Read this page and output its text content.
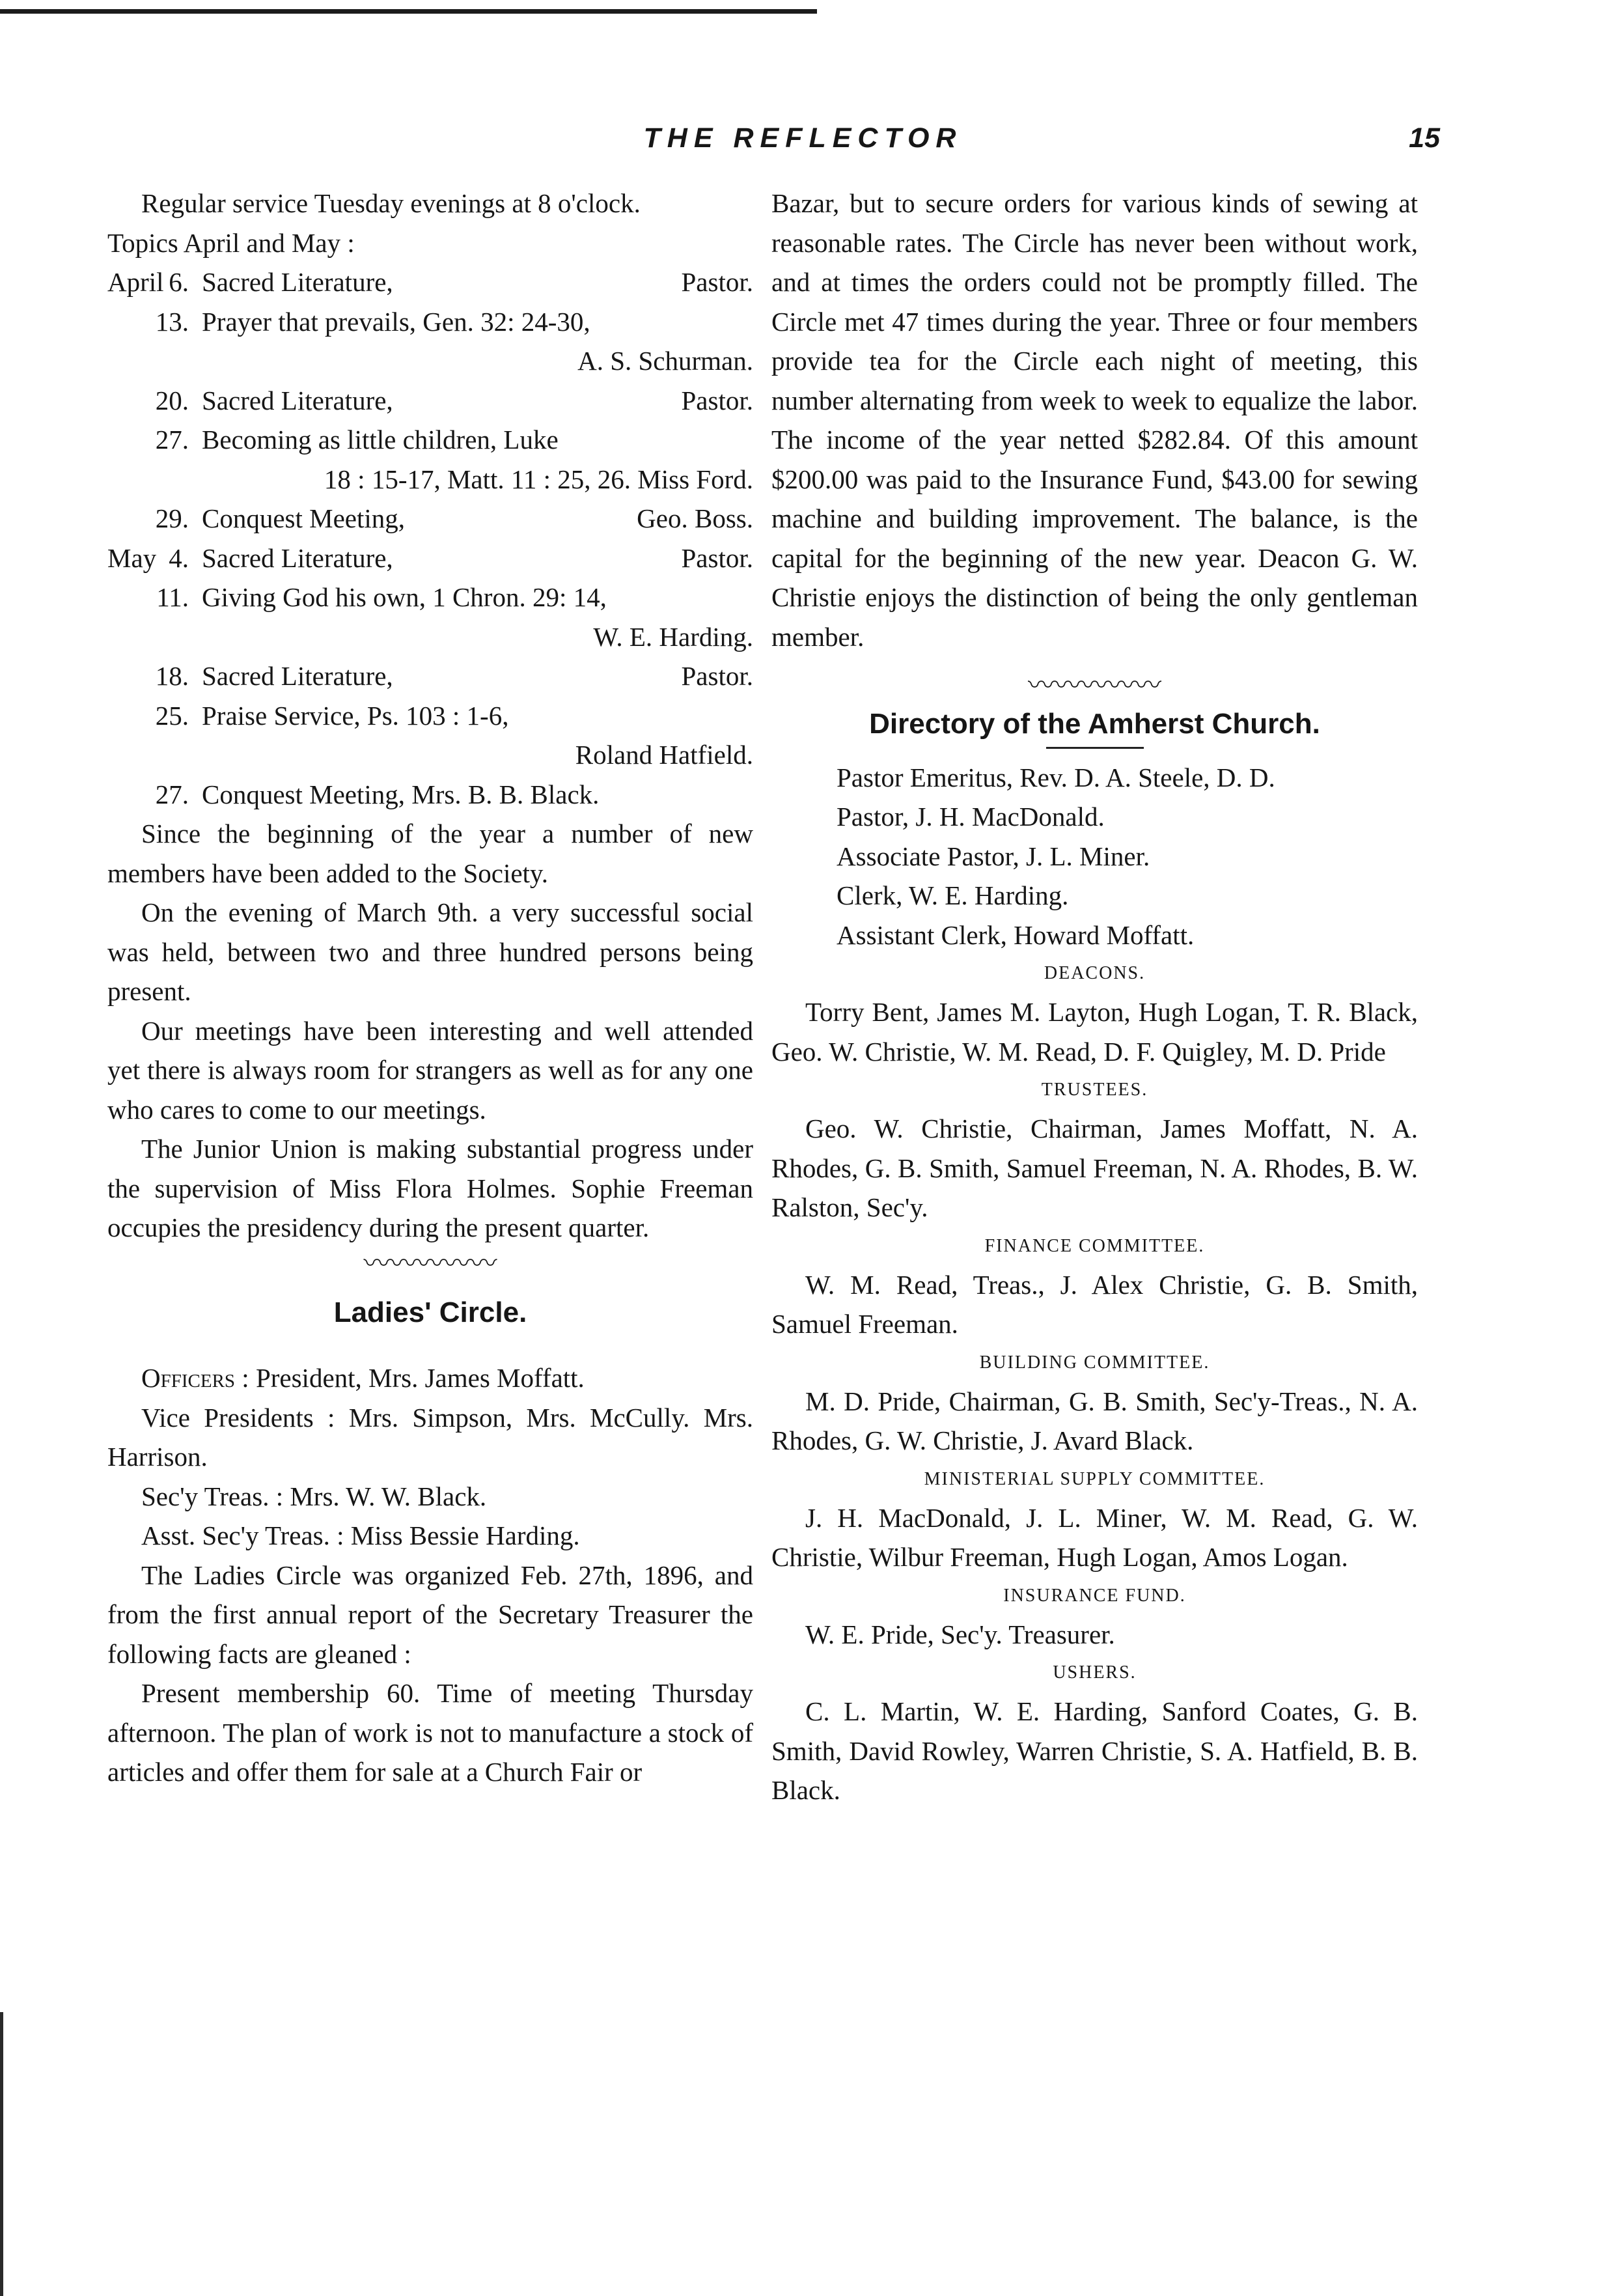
THE REFLECTOR	15

Regular service Tuesday evenings at 8 o'clock.

Topics April and May :
April 6. Sacred Literature,	Pastor.
13. Prayer that prevails, Gen. 32: 24-30,
A. S. Schurman.
20. Sacred Literature,	Pastor.
27. Becoming as little children, Luke
18 : 15-17, Matt. 11 : 25, 26. Miss Ford.
29. Conquest Meeting,	Geo. Boss.
May 4. Sacred Literature,	Pastor.
11. Giving God his own, 1 Chron. 29: 14,
W. E. Harding.
18. Sacred Literature,	Pastor.
25. Praise Service, Ps. 103 : 1-6,
Roland Hatfield.
27. Conquest Meeting, Mrs. B. B. Black.

Since the beginning of the year a number of new members have been added to the Society.

On the evening of March 9th. a very successful social was held, between two and three hundred persons being present.

Our meetings have been interesting and well attended yet there is always room for strangers as well as for any one who cares to come to our meetings.

The Junior Union is making substantial progress under the supervision of Miss Flora Holmes. Sophie Freeman occupies the presidency during the present quarter.

〰〰〰〰〰
Ladies' Circle.

Officers : President, Mrs. James Moffatt.

Vice Presidents : Mrs. Simpson, Mrs. McCully. Mrs. Harrison.

Sec'y Treas. : Mrs. W. W. Black.

Asst. Sec'y Treas. : Miss Bessie Harding.

The Ladies Circle was organized Feb. 27th, 1896, and from the first annual report of the Secretary Treasurer the following facts are gleaned :

Present membership 60. Time of meeting Thursday afternoon. The plan of work is not to manufacture a stock of articles and offer them for sale at a Church Fair or

Bazar, but to secure orders for various kinds of sewing at reasonable rates. The Circle has never been without work, and at times the orders could not be promptly filled. The Circle met 47 times during the year. Three or four members provide tea for the Circle each night of meeting, this number alternating from week to week to equalize the labor. The income of the year netted $282.84. Of this amount $200.00 was paid to the Insurance Fund, $43.00 for sewing machine and building improvement. The balance, is the capital for the beginning of the new year. Deacon G. W. Christie enjoys the distinction of being the only gentleman member.

〰〰〰〰〰
Directory of the Amherst Church.
Pastor Emeritus, Rev. D. A. Steele, D. D.
Pastor, J. H. MacDonald.
Associate Pastor, J. L. Miner.
Clerk, W. E. Harding.
Assistant Clerk, Howard Moffatt.
DEACONS.

Torry Bent, James M. Layton, Hugh Logan, T. R. Black, Geo. W. Christie, W. M. Read, D. F. Quigley, M. D. Pride

TRUSTEES.

Geo. W. Christie, Chairman, James Moffatt, N. A. Rhodes, G. B. Smith, Samuel Freeman, N. A. Rhodes, B. W. Ralston, Sec'y.

FINANCE COMMITTEE.

W. M. Read, Treas., J. Alex Christie, G. B. Smith, Samuel Freeman.

BUILDING COMMITTEE.

M. D. Pride, Chairman, G. B. Smith, Sec'y-Treas., N. A. Rhodes, G. W. Christie, J. Avard Black.

MINISTERIAL SUPPLY COMMITTEE.

J. H. MacDonald, J. L. Miner, W. M. Read, G. W. Christie, Wilbur Freeman, Hugh Logan, Amos Logan.

INSURANCE FUND.

W. E. Pride, Sec'y. Treasurer.

USHERS.

C. L. Martin, W. E. Harding, Sanford Coates, G. B. Smith, David Rowley, Warren Christie, S. A. Hatfield, B. B. Black.
